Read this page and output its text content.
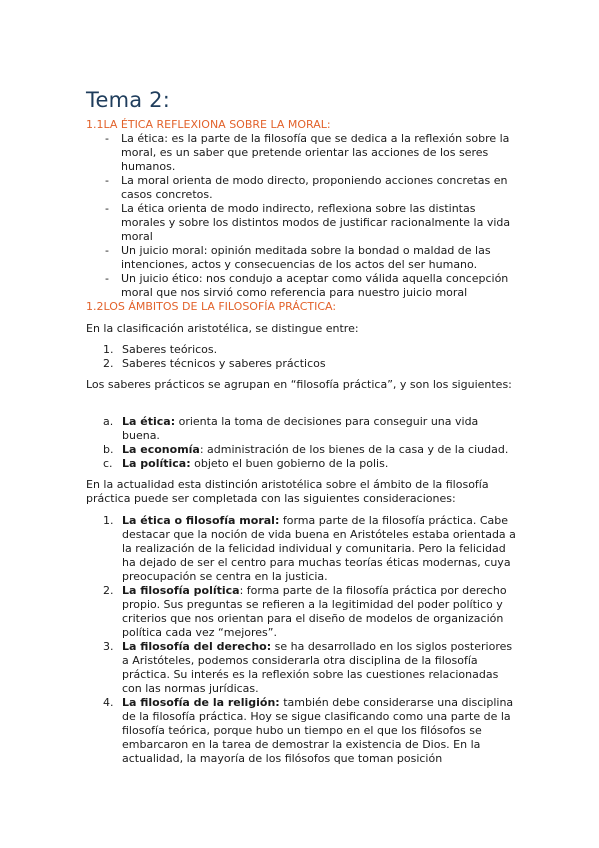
Tema 2:
1.1LA ÉTICA REFLEXIONA SOBRE LA MORAL:
- La ética: es la parte de la filosofía que se dedica a la reflexión sobre la moral, es un saber que pretende orientar las acciones de los seres humanos.
- La moral orienta de modo directo, proponiendo acciones concretas en casos concretos.
- La ética orienta de modo indirecto, reflexiona sobre las distintas morales y sobre los distintos modos de justificar racionalmente la vida moral
- Un juicio moral: opinión meditada sobre la bondad o maldad de las intenciones, actos y consecuencias de los actos del ser humano.
- Un juicio ético: nos condujo a aceptar como válida aquella concepción moral que nos sirvió como referencia para nuestro juicio moral
1.2LOS ÁMBITOS DE LA FILOSOFÍA PRÁCTICA:

En la clasificación aristotélica, se distingue entre:

1. Saberes teóricos.
2. Saberes técnicos y saberes prácticos

Los saberes prácticos se agrupan en “filosofía práctica”, y son los siguientes:

a. La ética: orienta la toma de decisiones para conseguir una vida buena.
b. La economía: administración de los bienes de la casa y de la ciudad.
c. La política: objeto el buen gobierno de la polis.

En la actualidad esta distinción aristotélica sobre el ámbito de la filosofía práctica puede ser completada con las siguientes consideraciones:

1. La ética o filosofía moral: forma parte de la filosofía práctica. Cabe destacar que la noción de vida buena en Aristóteles estaba orientada a la realización de la felicidad individual y comunitaria. Pero la felicidad ha dejado de ser el centro para muchas teorías éticas modernas, cuya preocupación se centra en la justicia.
2. La filosofía política: forma parte de la filosofía práctica por derecho propio. Sus preguntas se refieren a la legitimidad del poder político y criterios que nos orientan para el diseño de modelos de organización política cada vez “mejores”.
3. La filosofía del derecho: se ha desarrollado en los siglos posteriores a Aristóteles, podemos considerarla otra disciplina de la filosofía práctica. Su interés es la reflexión sobre las cuestiones relacionadas con las normas jurídicas.
4. La filosofía de la religión: también debe considerarse una disciplina de la filosofía práctica. Hoy se sigue clasificando como una parte de la filosofía teórica, porque hubo un tiempo en el que los filósofos se embarcaron en la tarea de demostrar la existencia de Dios. En la actualidad, la mayoría de los filósofos que toman posición
